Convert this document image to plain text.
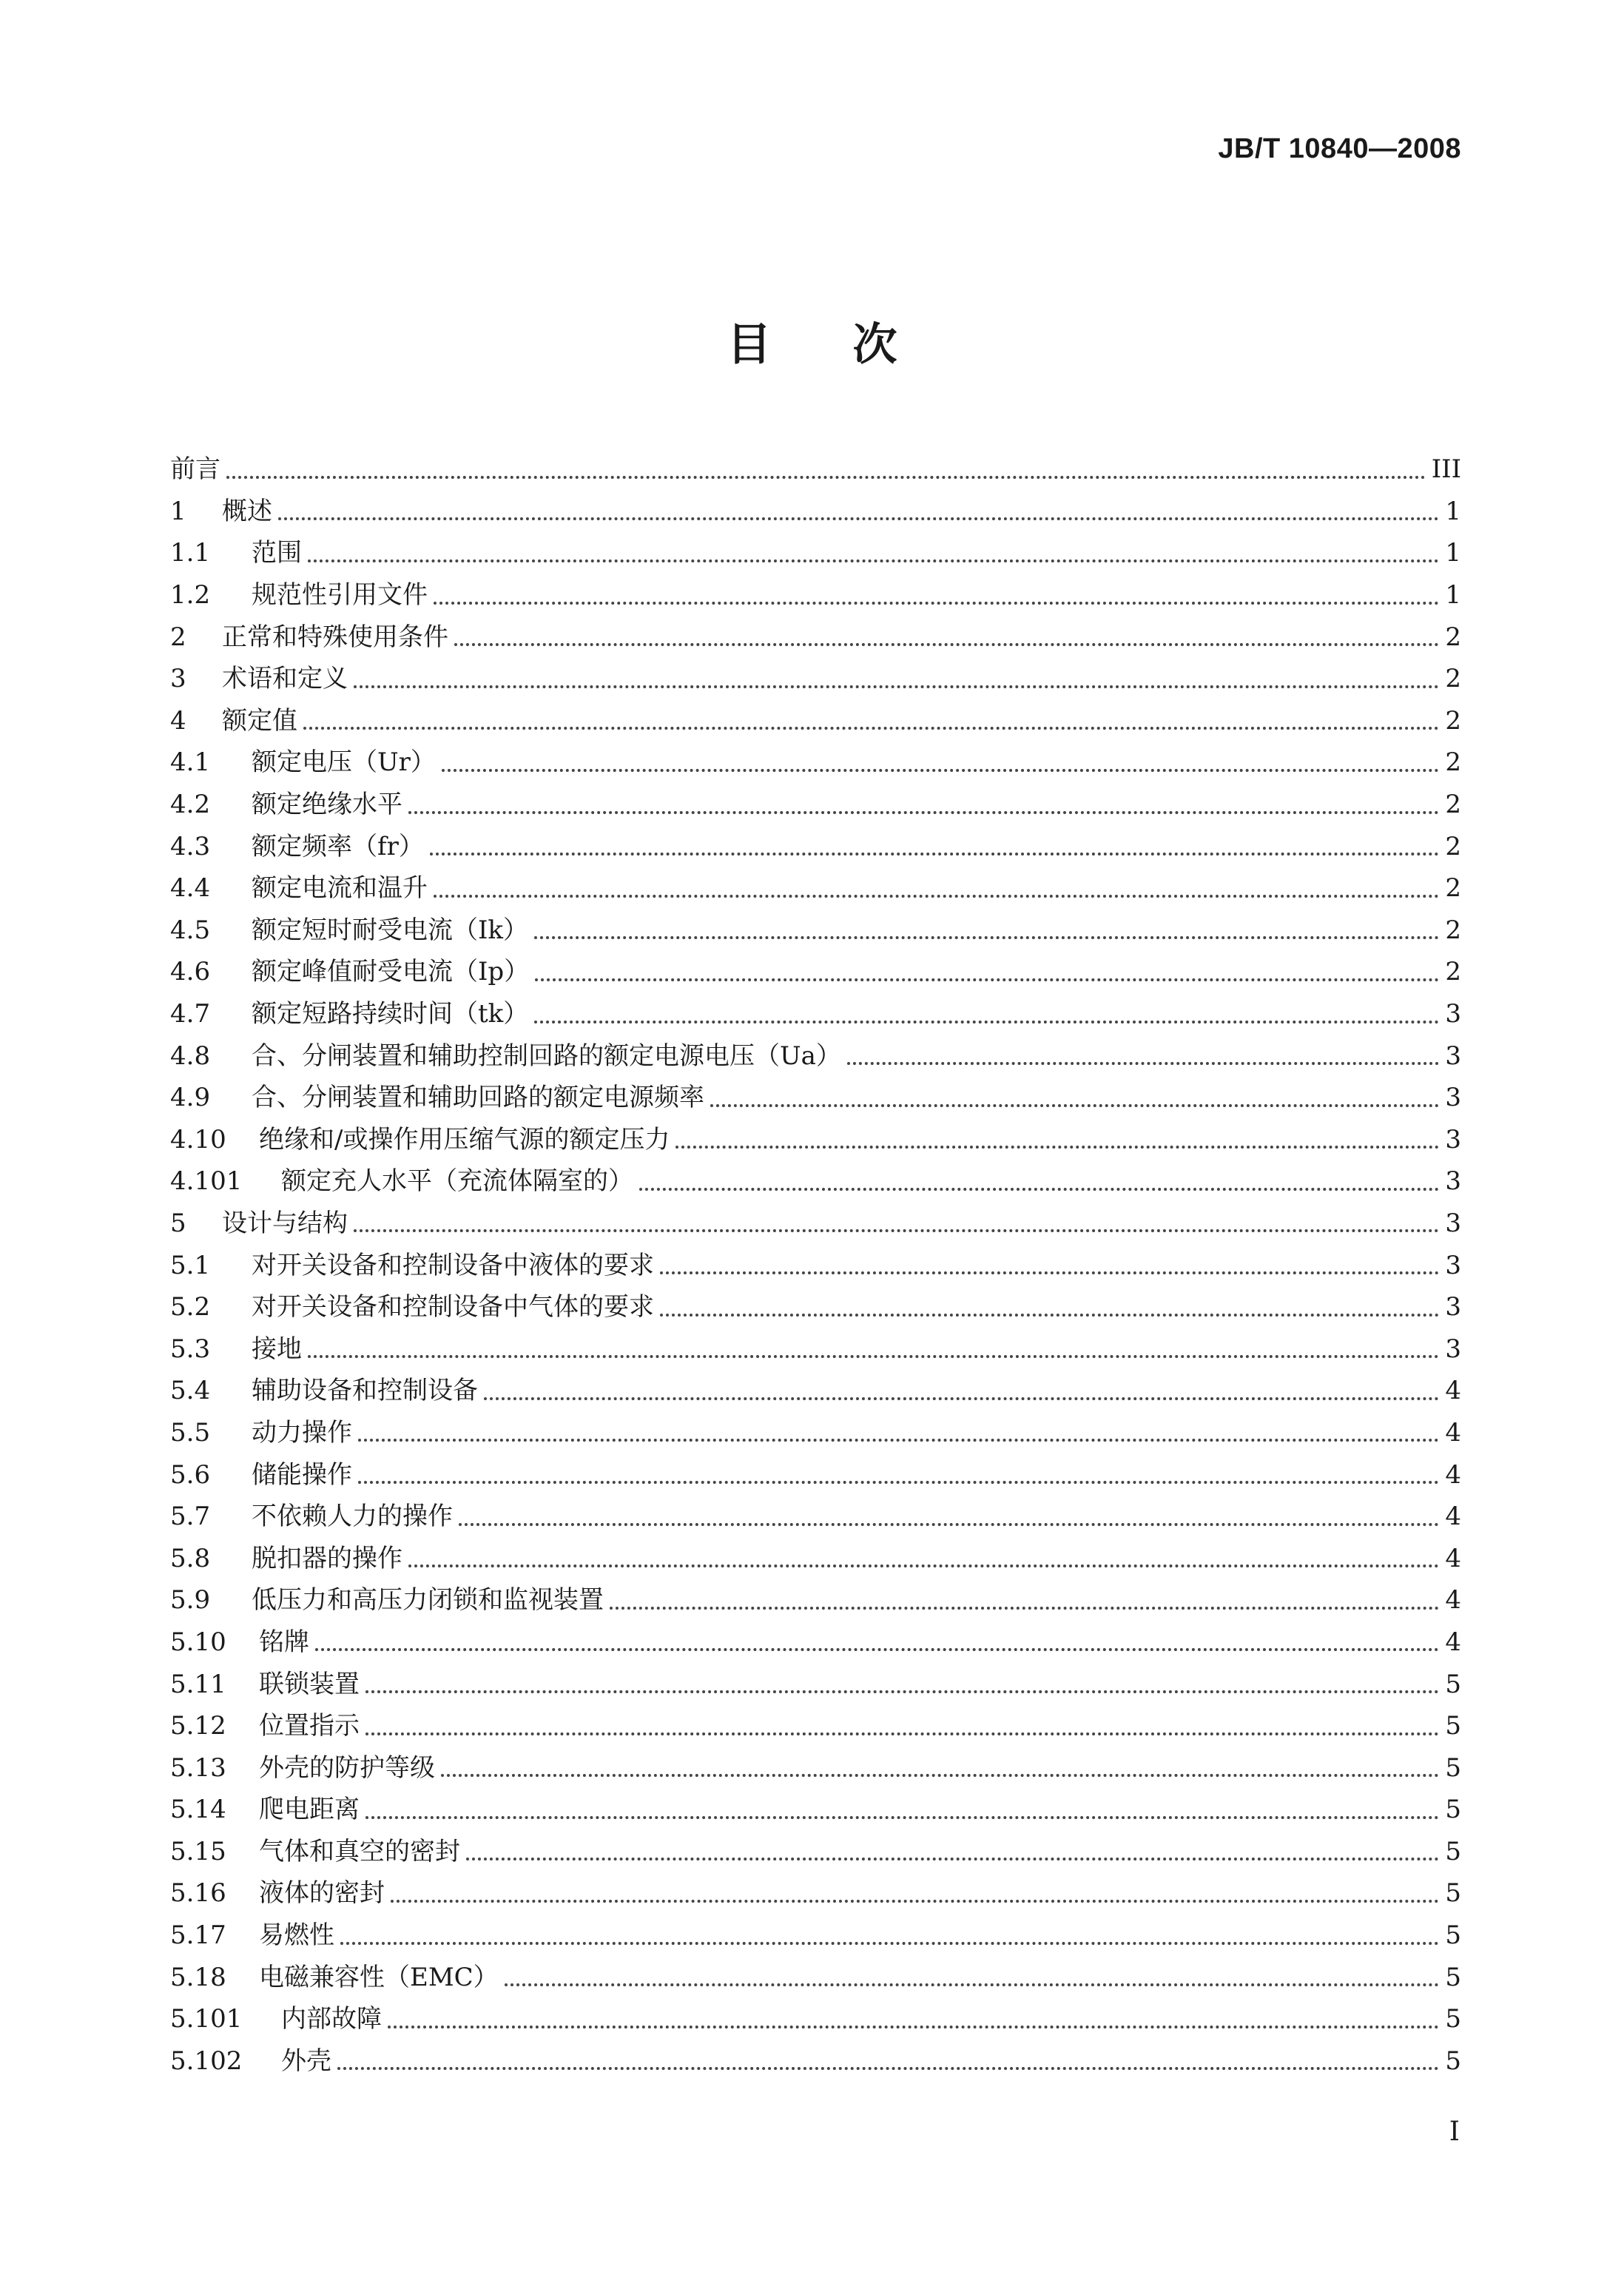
JB/T 10840—2008
目次
前言	III
1	概述	1
1.1	范围	1
1.2	规范性引用文件	1
2	正常和特殊使用条件	2
3	术语和定义	2
4	额定值	2
4.1	额定电压（Ur）	2
4.2	额定绝缘水平	2
4.3	额定频率（fr）	2
4.4	额定电流和温升	2
4.5	额定短时耐受电流（Ik）	2
4.6	额定峰值耐受电流（Ip）	2
4.7	额定短路持续时间（tk）	3
4.8	合、分闸装置和辅助控制回路的额定电源电压（Ua）	3
4.9	合、分闸装置和辅助回路的额定电源频率	3
4.10	绝缘和/或操作用压缩气源的额定压力	3
4.101	额定充人水平（充流体隔室的）	3
5	设计与结构	3
5.1	对开关设备和控制设备中液体的要求	3
5.2	对开关设备和控制设备中气体的要求	3
5.3	接地	3
5.4	辅助设备和控制设备	4
5.5	动力操作	4
5.6	储能操作	4
5.7	不依赖人力的操作	4
5.8	脱扣器的操作	4
5.9	低压力和高压力闭锁和监视装置	4
5.10	铭牌	4
5.11	联锁装置	5
5.12	位置指示	5
5.13	外壳的防护等级	5
5.14	爬电距离	5
5.15	气体和真空的密封	5
5.16	液体的密封	5
5.17	易燃性	5
5.18	电磁兼容性（EMC）	5
5.101	内部故障	5
5.102	外壳	5
I
